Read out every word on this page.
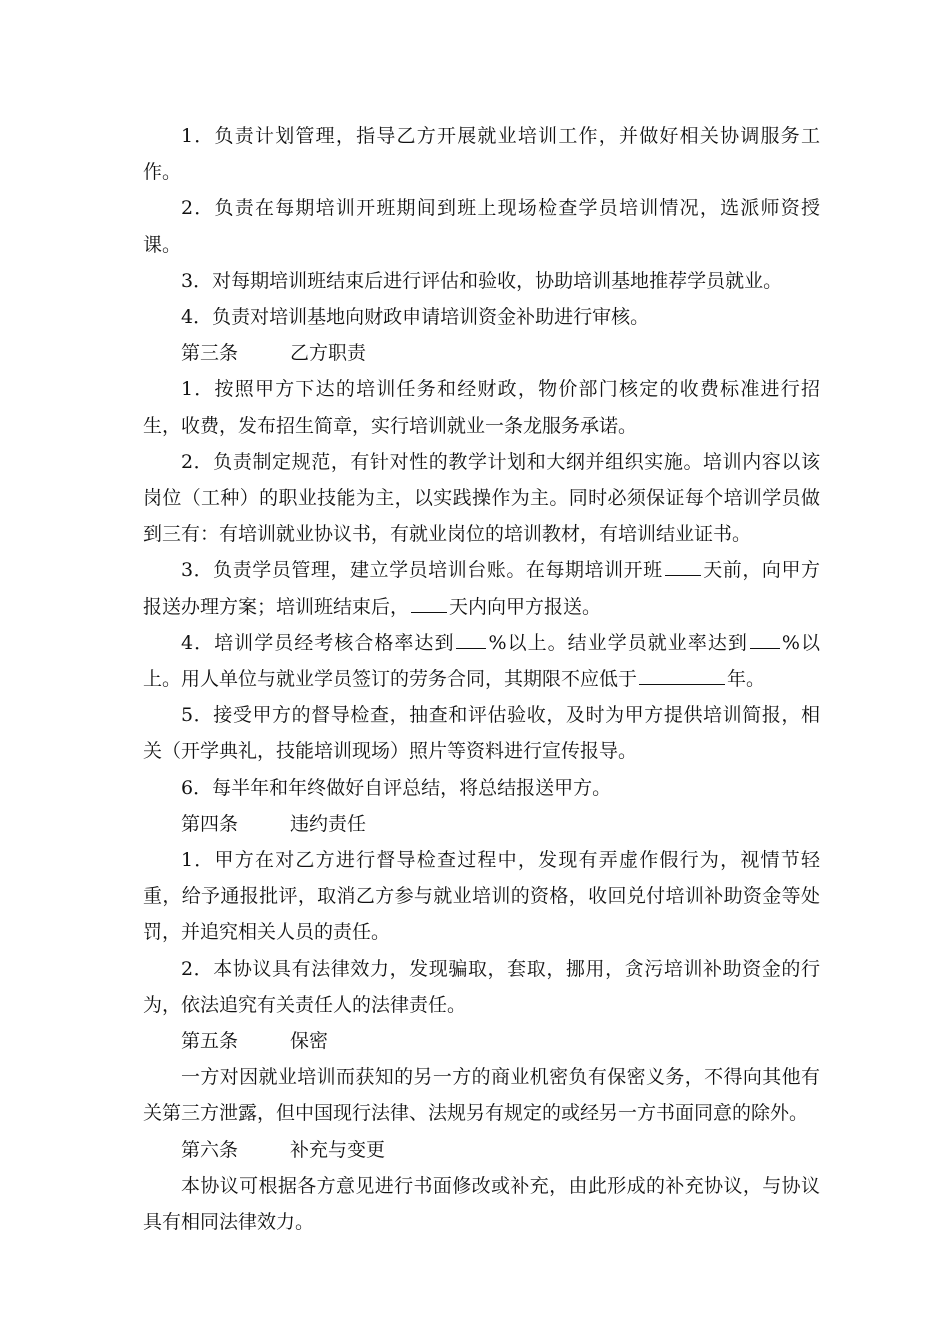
1．负责计划管理，指导乙方开展就业培训工作，并做好相关协调服务工作。

2．负责在每期培训开班期间到班上现场检查学员培训情况，选派师资授课。

3．对每期培训班结束后进行评估和验收，协助培训基地推荐学员就业。

4．负责对培训基地向财政申请培训资金补助进行审核。

第三条	乙方职责

1．按照甲方下达的培训任务和经财政，物价部门核定的收费标准进行招生，收费，发布招生简章，实行培训就业一条龙服务承诺。

2．负责制定规范，有针对性的教学计划和大纲并组织实施。培训内容以该岗位（工种）的职业技能为主，以实践操作为主。同时必须保证每个培训学员做到三有：有培训就业协议书，有就业岗位的培训教材，有培训结业证书。

3．负责学员管理，建立学员培训台账。在每期培训开班 天前，向甲方报送办理方案；培训班结束后， 天内向甲方报送。

4．培训学员经考核合格率达到 %以上。结业学员就业率达到 %以上。用人单位与就业学员签订的劳务合同，其期限不应低于	年。

5．接受甲方的督导检查，抽查和评估验收，及时为甲方提供培训简报，相关（开学典礼，技能培训现场）照片等资料进行宣传报导。

6．每半年和年终做好自评总结，将总结报送甲方。

第四条	违约责任

1．甲方在对乙方进行督导检查过程中，发现有弄虚作假行为，视情节轻重，给予通报批评，取消乙方参与就业培训的资格，收回兑付培训补助资金等处罚，并追究相关人员的责任。

2．本协议具有法律效力，发现骗取，套取，挪用，贪污培训补助资金的行为，依法追究有关责任人的法律责任。

第五条	保密

一方对因就业培训而获知的另一方的商业机密负有保密义务，不得向其他有关第三方泄露，但中国现行法律、法规另有规定的或经另一方书面同意的除外。

第六条	补充与变更

本协议可根据各方意见进行书面修改或补充，由此形成的补充协议，与协议具有相同法律效力。
